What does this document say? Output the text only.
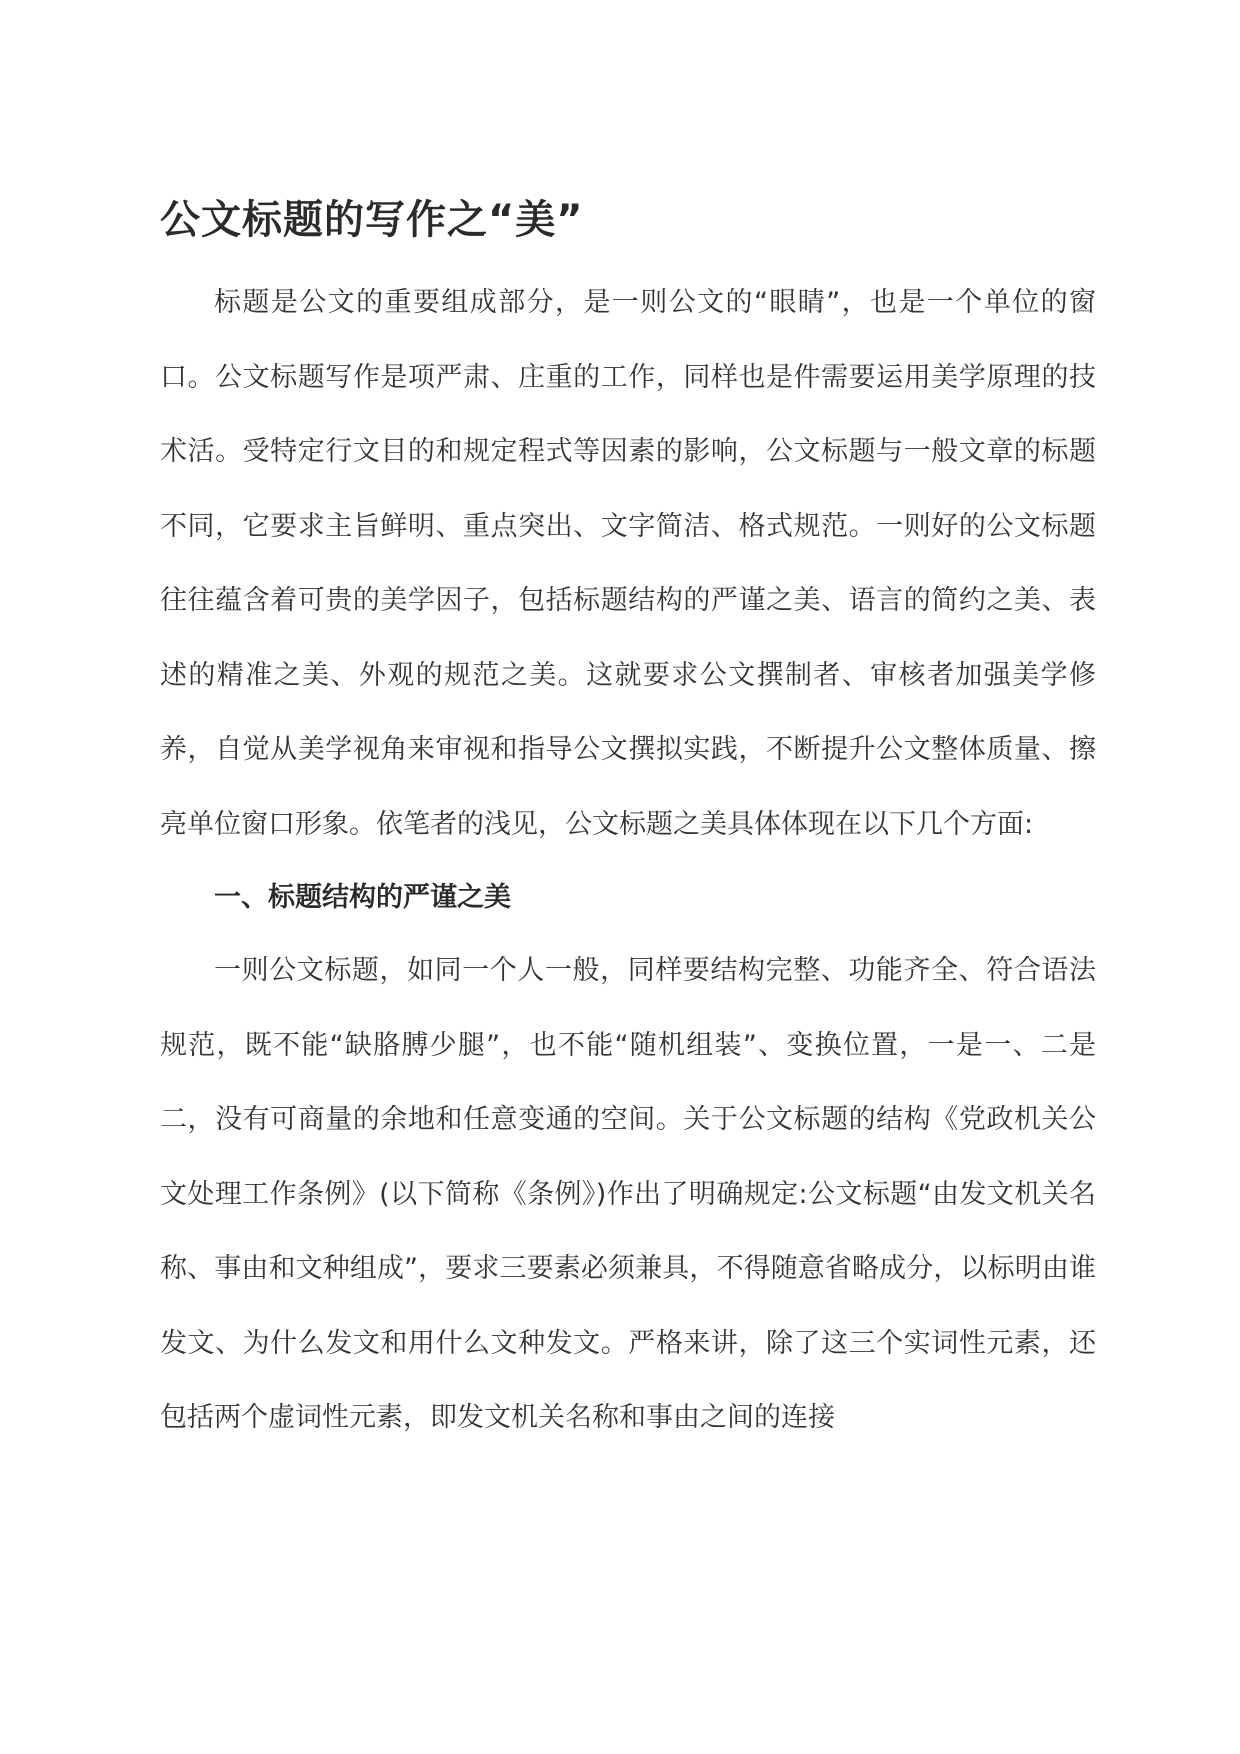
公文标题的写作之“美”

标题是公文的重要组成部分，是一则公文的“眼睛”，也是一个单位的窗口。公文标题写作是项严肃、庄重的工作，同样也是件需要运用美学原理的技术活。受特定行文目的和规定程式等因素的影响，公文标题与一般文章的标题不同，它要求主旨鲜明、重点突出、文字简洁、格式规范。一则好的公文标题往往蕴含着可贵的美学因子，包括标题结构的严谨之美、语言的简约之美、表述的精准之美、外观的规范之美。这就要求公文撰制者、审核者加强美学修养，自觉从美学视角来审视和指导公文撰拟实践，不断提升公文整体质量、擦亮单位窗口形象。依笔者的浅见，公文标题之美具体体现在以下几个方面:

一、标题结构的严谨之美

一则公文标题，如同一个人一般，同样要结构完整、功能齐全、符合语法规范，既不能“缺胳膊少腿”，也不能“随机组装”、变换位置，一是一、二是二，没有可商量的余地和任意变通的空间。关于公文标题的结构《党政机关公文处理工作条例》(以下简称《条例》)作出了明确规定:公文标题“由发文机关名称、事由和文种组成”，要求三要素必须兼具，不得随意省略成分，以标明由谁发文、为什么发文和用什么文种发文。严格来讲，除了这三个实词性元素，还包括两个虚词性元素，即发文机关名称和事由之间的连接
